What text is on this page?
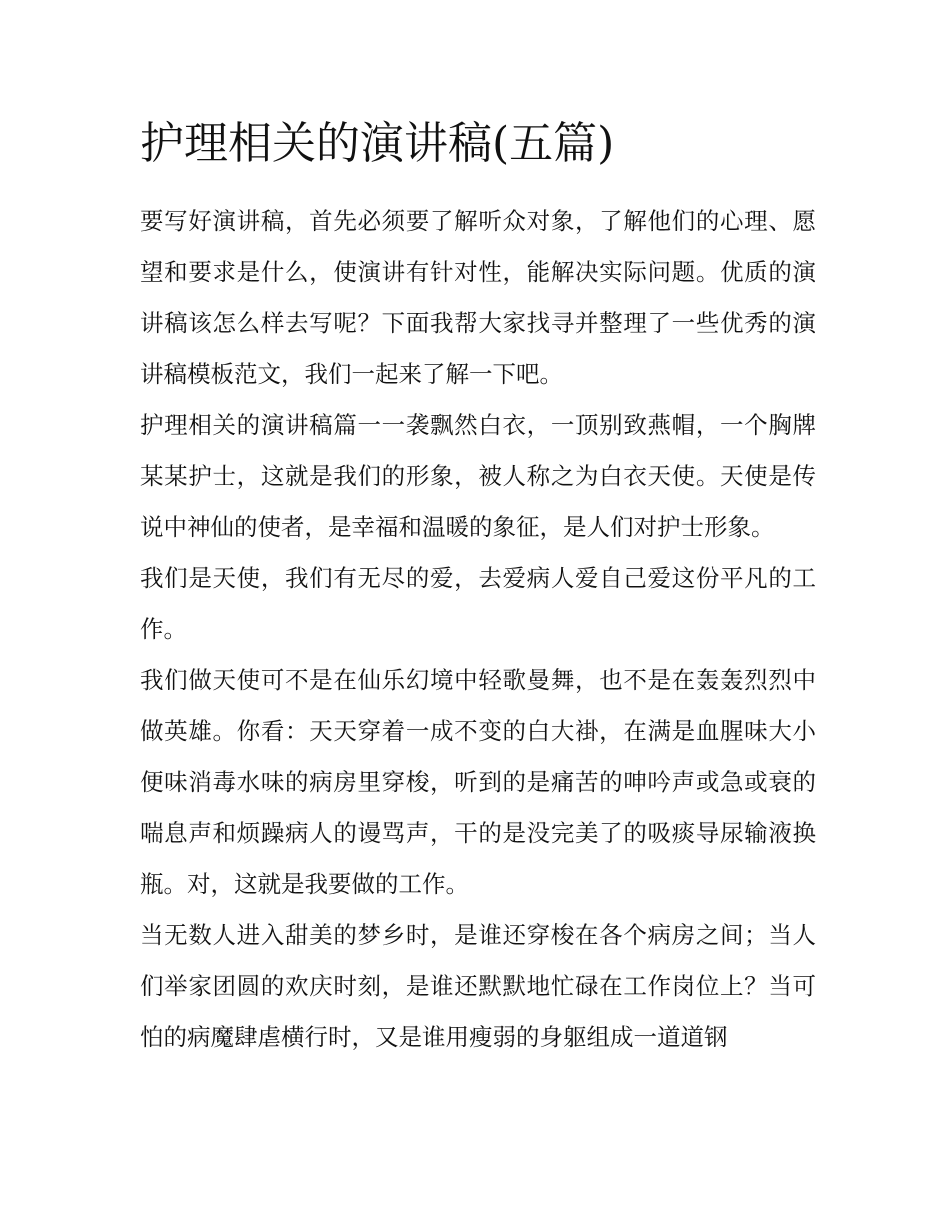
护理相关的演讲稿(五篇)

要写好演讲稿，首先必须要了解听众对象，了解他们的心理、愿望和要求是什么，使演讲有针对性，能解决实际问题。优质的演讲稿该怎么样去写呢？下面我帮大家找寻并整理了一些优秀的演讲稿模板范文，我们一起来了解一下吧。

护理相关的演讲稿篇一一袭飘然白衣，一顶别致燕帽，一个胸牌某某护士，这就是我们的形象，被人称之为白衣天使。天使是传说中神仙的使者，是幸福和温暖的象征，是人们对护士形象。

我们是天使，我们有无尽的爱，去爱病人爱自己爱这份平凡的工作。

我们做天使可不是在仙乐幻境中轻歌曼舞，也不是在轰轰烈烈中做英雄。你看：天天穿着一成不变的白大褂，在满是血腥味大小便味消毒水味的病房里穿梭，听到的是痛苦的呻吟声或急或衰的喘息声和烦躁病人的谩骂声，干的是没完美了的吸痰导尿输液换瓶。对，这就是我要做的工作。

当无数人进入甜美的梦乡时，是谁还穿梭在各个病房之间；当人们举家团圆的欢庆时刻，是谁还默默地忙碌在工作岗位上？当可怕的病魔肆虐横行时，又是谁用瘦弱的身躯组成一道道钢
